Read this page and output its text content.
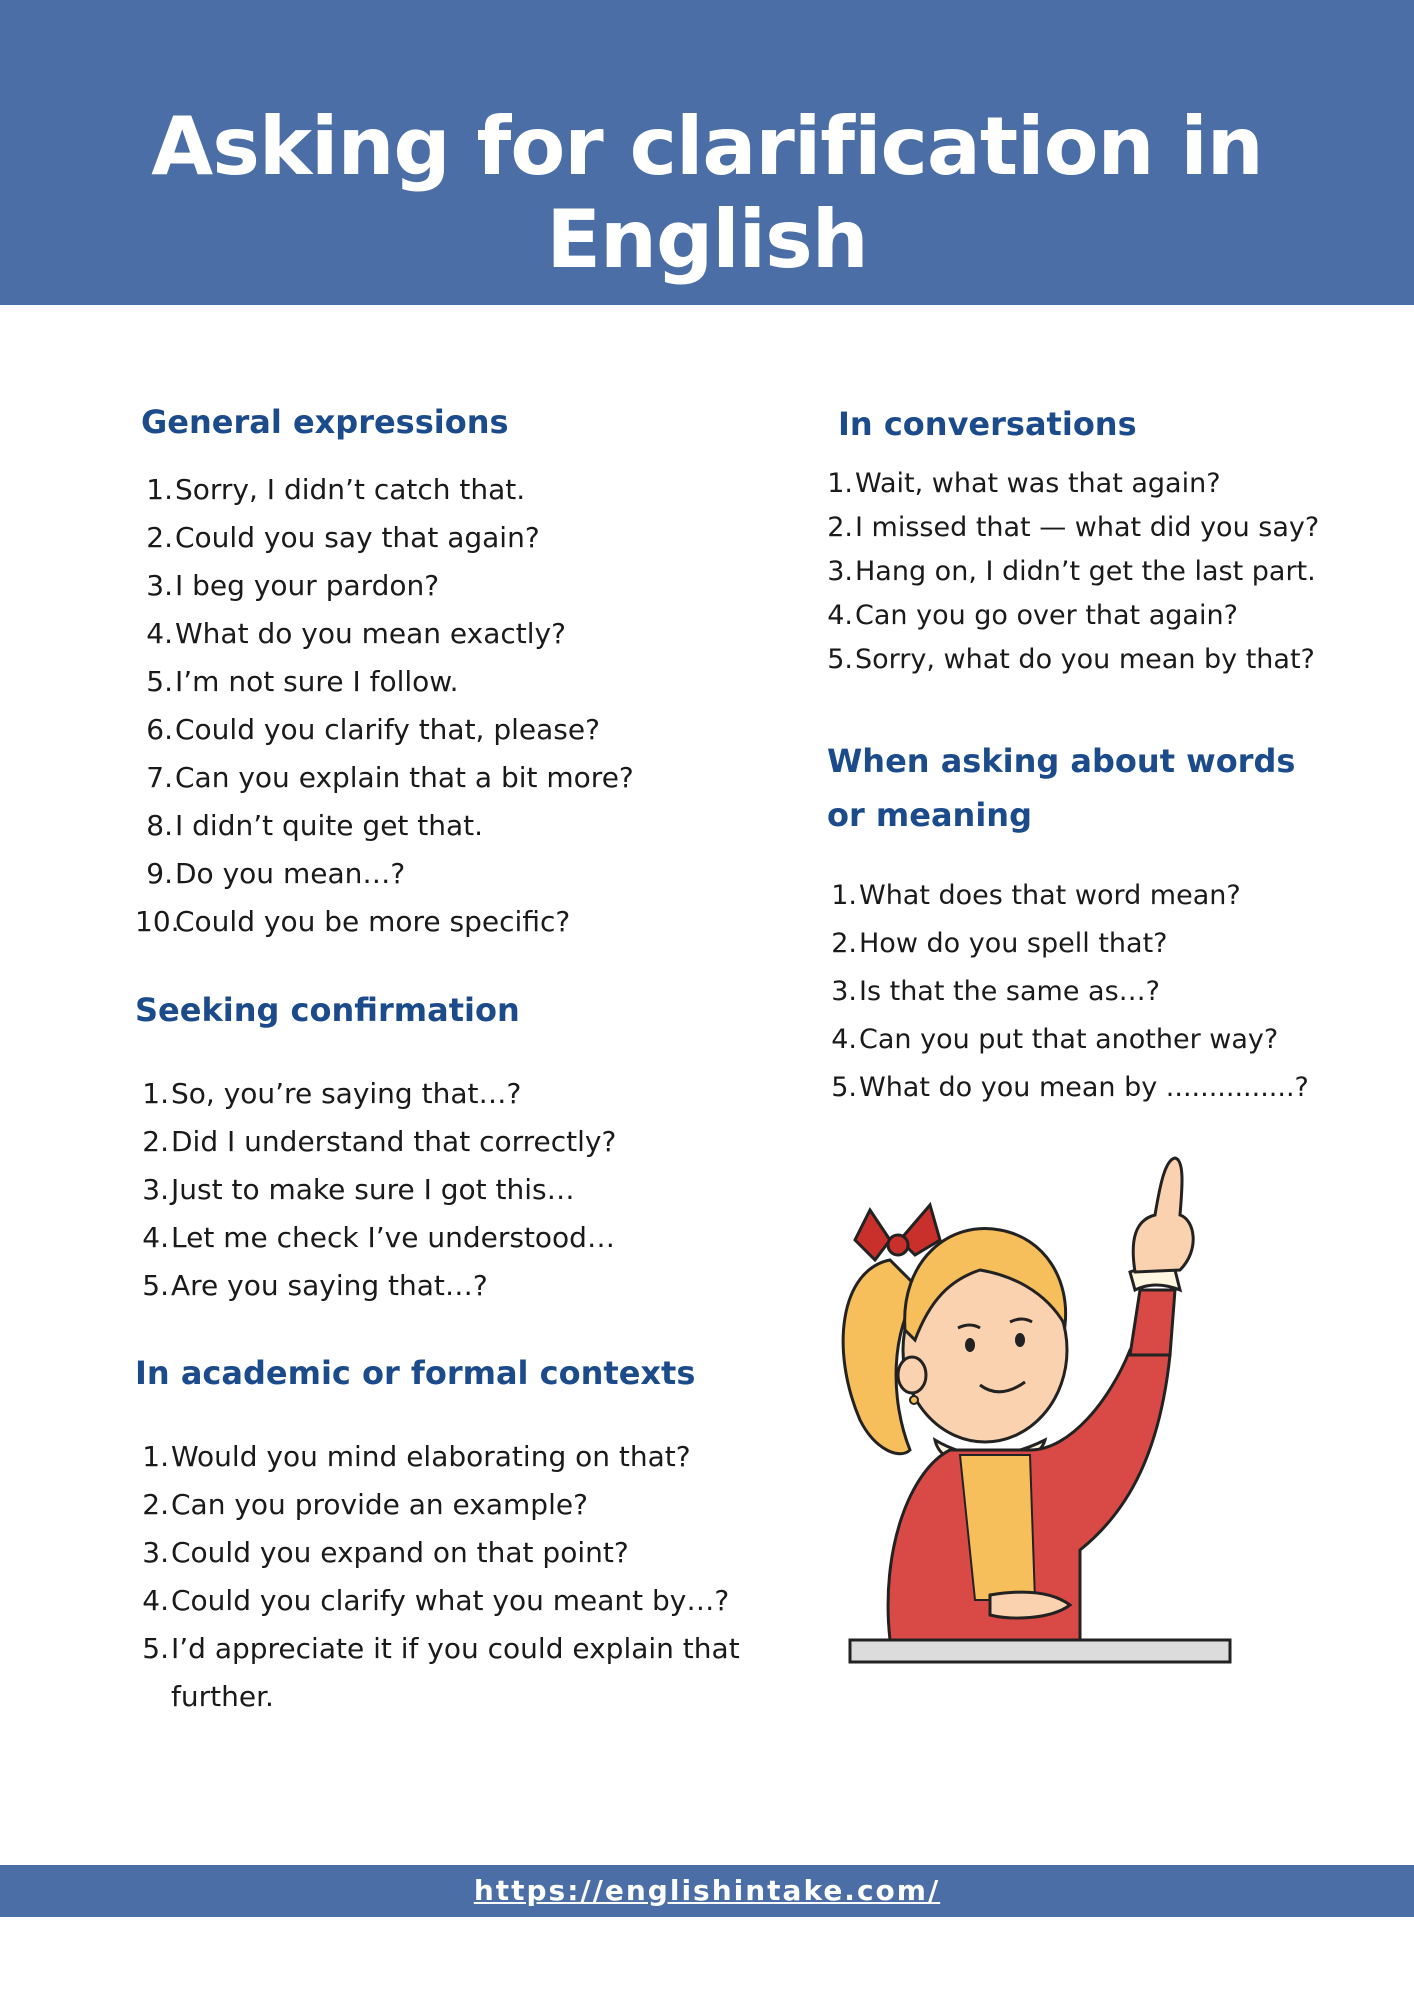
Asking for clarification in English
General expressions
1. Sorry, I didn’t catch that.
2. Could you say that again?
3. I beg your pardon?
4. What do you mean exactly?
5. I’m not sure I follow.
6. Could you clarify that, please?
7. Can you explain that a bit more?
8. I didn’t quite get that.
9. Do you mean…?
10.
Could you be more specific?
Seeking confirmation
1. So, you’re saying that…?
2. Did I understand that correctly?
3. Just to make sure I got this…
4. Let me check I’ve understood…
5. Are you saying that…?
In academic or formal contexts
1. Would you mind elaborating on that?
2. Can you provide an example?
3. Could you expand on that point?
4. Could you clarify what you meant by…?
5. I’d appreciate it if you could explain that further.
In conversations
1. Wait, what was that again?
2. I missed that — what did you say?
3. Hang on, I didn’t get the last part.
4. Can you go over that again?
5. Sorry, what do you mean by that?
When asking about words or meaning
1. What does that word mean?
2. How do you spell that?
3. Is that the same as…?
4. Can you put that another way?
5. What do you mean by ...............?
https://englishintake.com/
